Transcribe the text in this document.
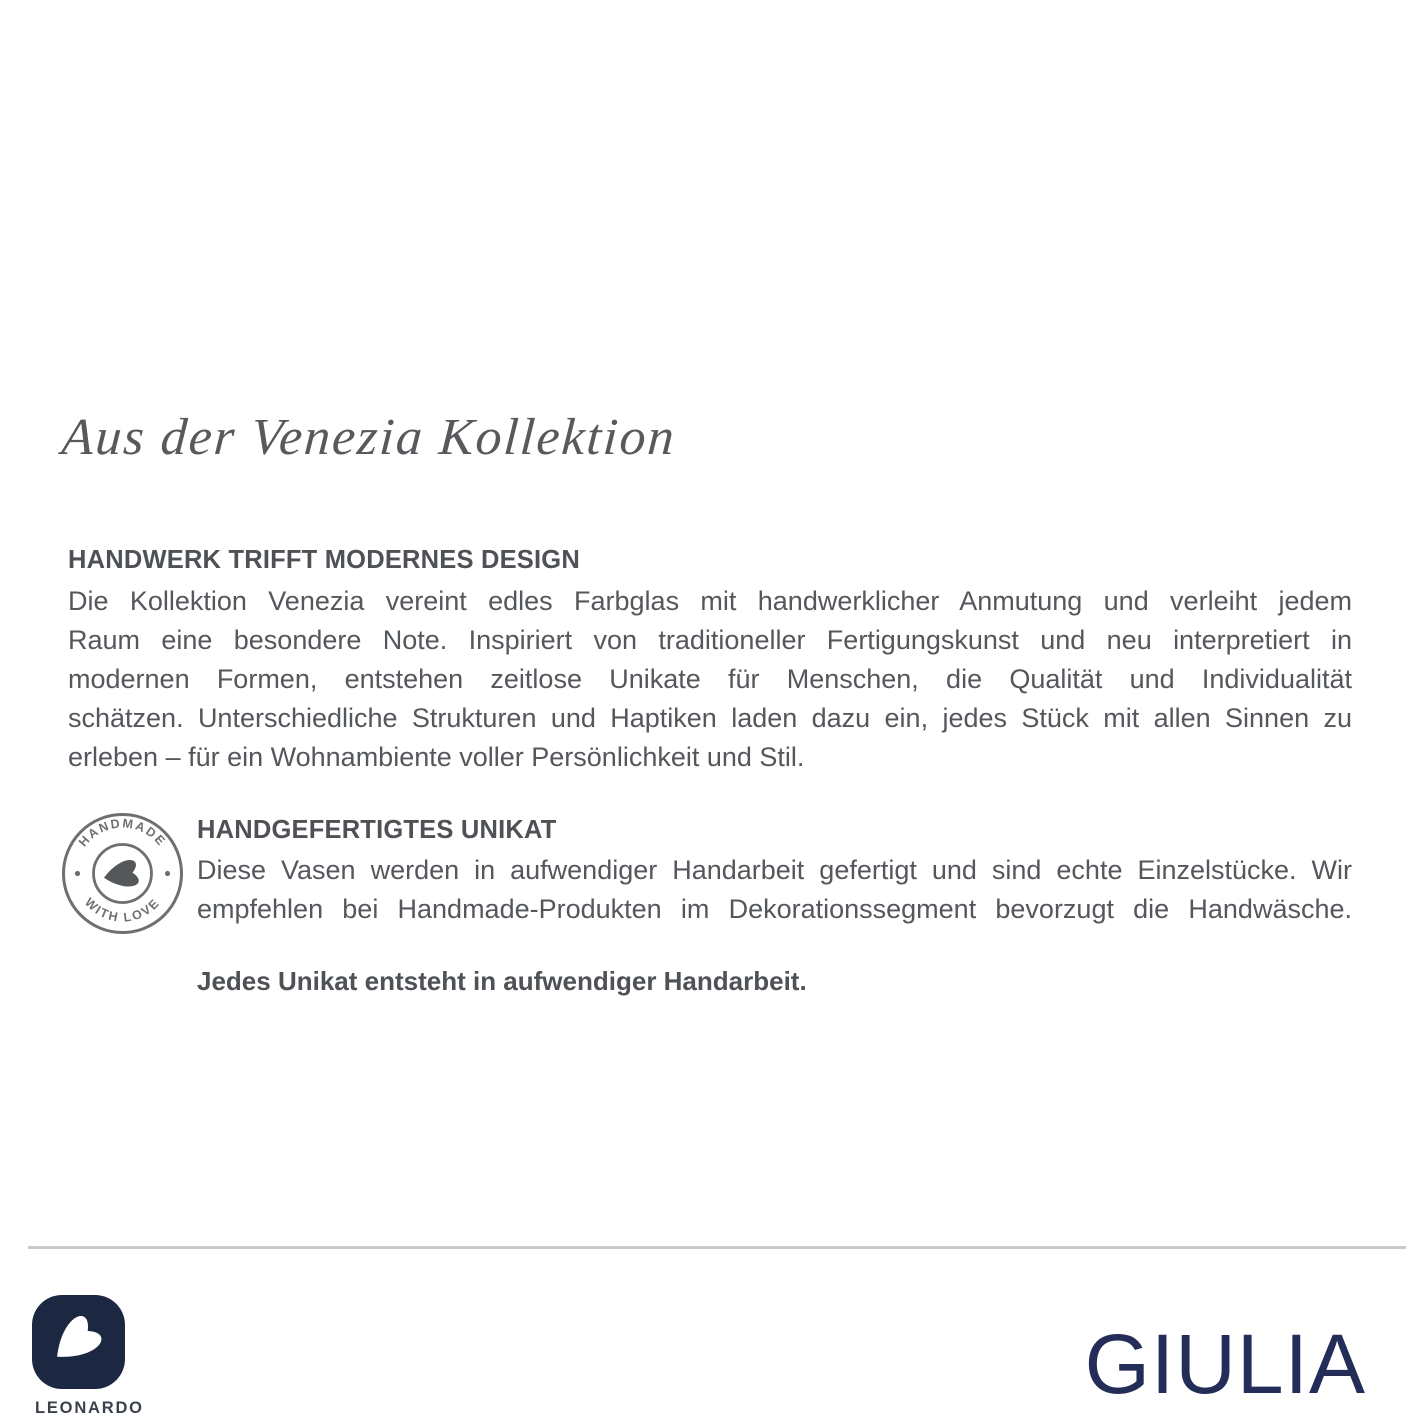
Aus der Venezia Kollektion
HANDWERK TRIFFT MODERNES DESIGN
Die Kollektion Venezia vereint edles Farbglas mit handwerklicher Anmutung und verleiht jedem
Raum eine besondere Note. Inspiriert von traditioneller Fertigungskunst und neu interpretiert in
modernen Formen, entstehen zeitlose Unikate für Menschen, die Qualität und Individualität
schätzen. Unterschiedliche Strukturen und Haptiken laden dazu ein, jedes Stück mit allen Sinnen zu
erleben – für ein Wohnambiente voller Persönlichkeit und Stil.
HANDMADE
WITH LOVE
HANDGEFERTIGTES UNIKAT
Diese Vasen werden in aufwendiger Handarbeit gefertigt und sind echte Einzelstücke. Wir
empfehlen bei Handmade-Produkten im Dekorationssegment bevorzugt die Handwäsche.

Jedes Unikat entsteht in aufwendiger Handarbeit.

LEONARDO	GIULIA
